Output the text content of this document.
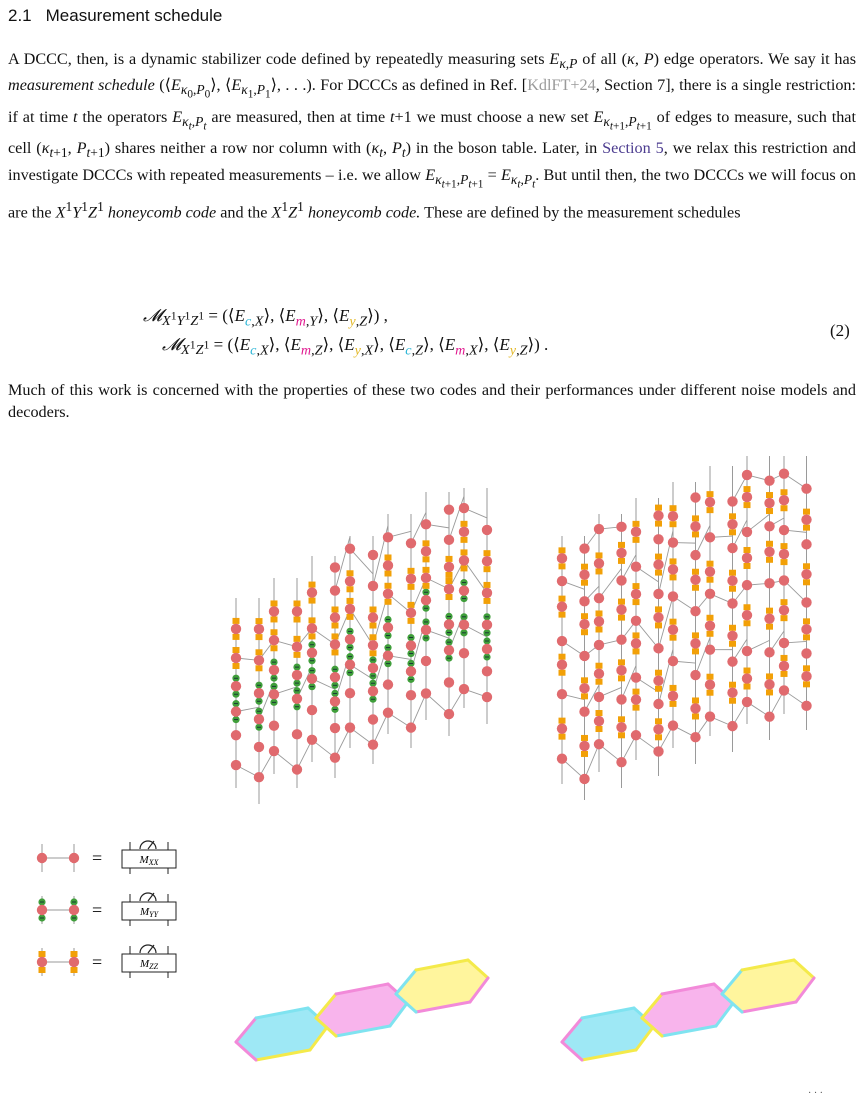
2.1 Measurement schedule
A DCCC, then, is a dynamic stabilizer code defined by repeatedly measuring sets $E_{\kappa,P}$ of all (κ, P) edge operators. We say it has measurement schedule ($⟨E_{\kappa_0,P_0}⟩$, $⟨E_{\kappa_1,P_1}⟩$, . . .). For DCCCs as defined in Ref. [KdlFT+24, Section 7], there is a single restriction: if at time t the operators $E_{\kappa_t,P_t}$ are measured, then at time t+1 we must choose a new set $E_{\kappa_{t+1},P_{t+1}}$ of edges to measure, such that cell ($\kappa_{t+1}$, $P_{t+1}$) shares neither a row nor column with ($\kappa_t$, $P_t$) in the boson table. Later, in Section 5, we relax this restriction and investigate DCCCs with repeated measurements – i.e. we allow $E_{\kappa_{t+1},P_{t+1}} = E_{\kappa_t,P_t}$. But until then, the two DCCCs we will focus on are the $X^1Y^1Z^1$ honeycomb code and the $X^1Z^1$ honeycomb code. These are defined by the measurement schedules
𝓜$_{X^1Y^1Z^1}$ = ($⟨E_{c,X}⟩$, $⟨E_{m,Y}⟩$, $⟨E_{y,Z}⟩$) ,
𝓜$_{X^1Z^1}$ = ($⟨E_{c,X}⟩$, $⟨E_{m,Z}⟩$, $⟨E_{y,X}⟩$, $⟨E_{c,Z}⟩$, $⟨E_{m,X}⟩$, $⟨E_{y,Z}⟩$) .
(2)
Much of this work is concerned with the properties of these two codes and their performances under different noise models and decoders.
=	MXX
=	MYY
=	MZZ
· · ·
